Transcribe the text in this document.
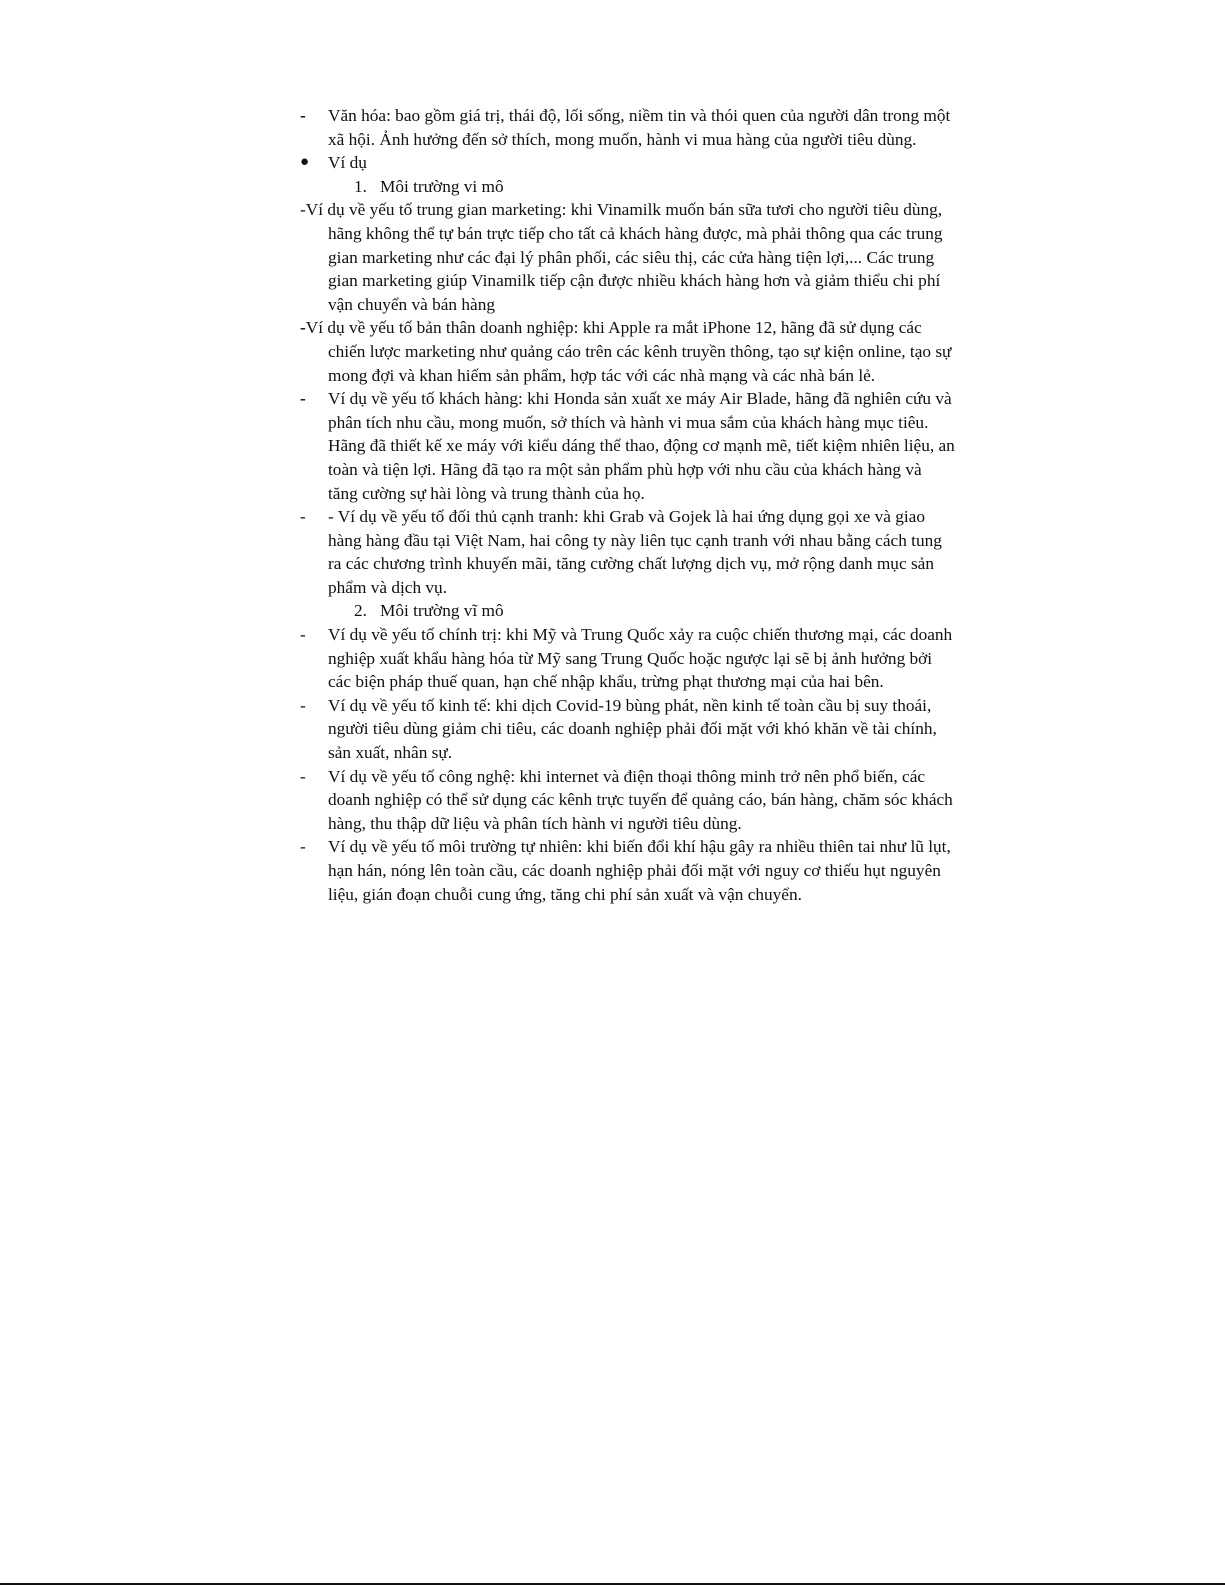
-	Văn hóa: bao gồm giá trị, thái độ, lối sống, niềm tin và thói quen của người dân trong một xã hội. Ảnh hưởng đến sở thích, mong muốn, hành vi mua hàng của người tiêu dùng.

●	Ví dụ

1. Môi trường vi mô

-Ví dụ về yếu tố trung gian marketing: khi Vinamilk muốn bán sữa tươi cho người tiêu dùng, hãng không thể tự bán trực tiếp cho tất cả khách hàng được, mà phải thông qua các trung gian marketing như các đại lý phân phối, các siêu thị, các cửa hàng tiện lợi,... Các trung gian marketing giúp Vinamilk tiếp cận được nhiều khách hàng hơn và giảm thiểu chi phí vận chuyển và bán hàng

-Ví dụ về yếu tố bản thân doanh nghiệp: khi Apple ra mắt iPhone 12, hãng đã sử dụng các chiến lược marketing như quảng cáo trên các kênh truyền thông, tạo sự kiện online, tạo sự mong đợi và khan hiếm sản phẩm, hợp tác với các nhà mạng và các nhà bán lẻ.

-	Ví dụ về yếu tố khách hàng: khi Honda sản xuất xe máy Air Blade, hãng đã nghiên cứu và phân tích nhu cầu, mong muốn, sở thích và hành vi mua sắm của khách hàng mục tiêu. Hãng đã thiết kế xe máy với kiểu dáng thể thao, động cơ mạnh mẽ, tiết kiệm nhiên liệu, an toàn và tiện lợi. Hãng đã tạo ra một sản phẩm phù hợp với nhu cầu của khách hàng và tăng cường sự hài lòng và trung thành của họ.

-	- Ví dụ về yếu tố đối thủ cạnh tranh: khi Grab và Gojek là hai ứng dụng gọi xe và giao hàng hàng đầu tại Việt Nam, hai công ty này liên tục cạnh tranh với nhau bằng cách tung ra các chương trình khuyến mãi, tăng cường chất lượng dịch vụ, mở rộng danh mục sản phẩm và dịch vụ.

2. Môi trường vĩ mô

-	Ví dụ về yếu tố chính trị: khi Mỹ và Trung Quốc xảy ra cuộc chiến thương mại, các doanh nghiệp xuất khẩu hàng hóa từ Mỹ sang Trung Quốc hoặc ngược lại sẽ bị ảnh hưởng bởi các biện pháp thuế quan, hạn chế nhập khẩu, trừng phạt thương mại của hai bên.

-	Ví dụ về yếu tố kinh tế: khi dịch Covid-19 bùng phát, nền kinh tế toàn cầu bị suy thoái, người tiêu dùng giảm chi tiêu, các doanh nghiệp phải đối mặt với khó khăn về tài chính, sản xuất, nhân sự.

-	Ví dụ về yếu tố công nghệ: khi internet và điện thoại thông minh trở nên phổ biến, các doanh nghiệp có thể sử dụng các kênh trực tuyến để quảng cáo, bán hàng, chăm sóc khách hàng, thu thập dữ liệu và phân tích hành vi người tiêu dùng.

-	Ví dụ về yếu tố môi trường tự nhiên: khi biến đổi khí hậu gây ra nhiều thiên tai như lũ lụt, hạn hán, nóng lên toàn cầu, các doanh nghiệp phải đối mặt với nguy cơ thiếu hụt nguyên liệu, gián đoạn chuỗi cung ứng, tăng chi phí sản xuất và vận chuyển.
